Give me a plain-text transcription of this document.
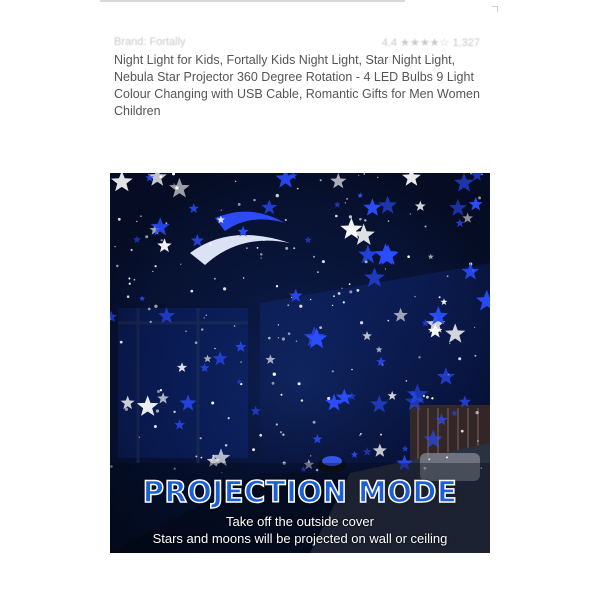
Brand: Fortally	4.4 ★★★★☆ 1,327
Night Light for Kids, Fortally Kids Night Light, Star Night Light, Nebula Star Projector 360 Degree Rotation - 4 LED Bulbs 9 Light Colour Changing with USB Cable, Romantic Gifts for Men Women Children
PROJECTION MODE
Take off the outside cover
Stars and moons will be projected on wall or ceiling
